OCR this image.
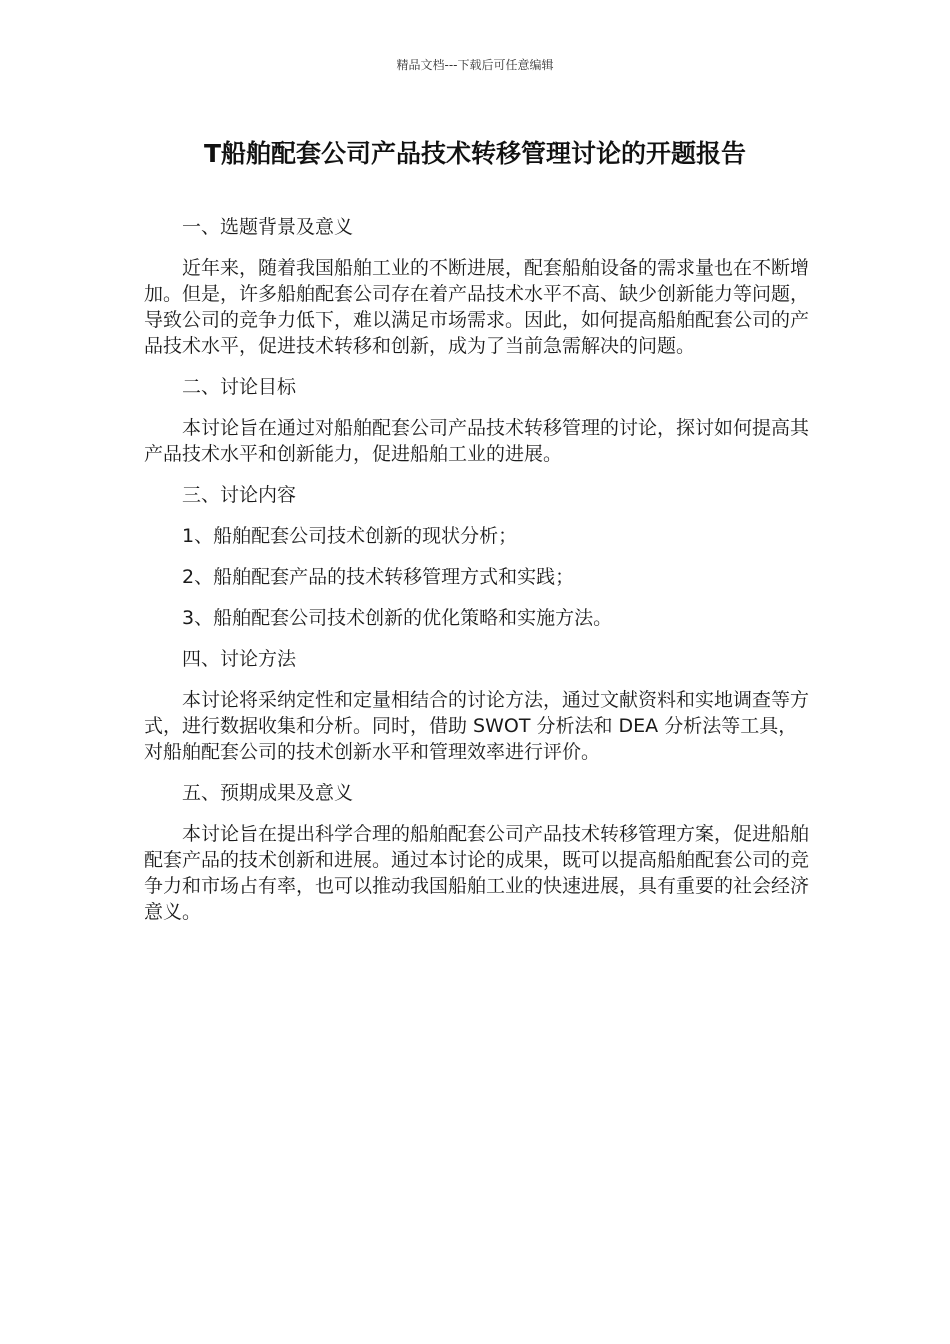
精品文档---下载后可任意编辑
T船舶配套公司产品技术转移管理讨论的开题报告

一、选题背景及意义

近年来，随着我国船舶工业的不断进展，配套船舶设备的需求量也在不断增加。但是，许多船舶配套公司存在着产品技术水平不高、缺少创新能力等问题，导致公司的竞争力低下，难以满足市场需求。因此，如何提高船舶配套公司的产品技术水平，促进技术转移和创新，成为了当前急需解决的问题。

二、讨论目标

本讨论旨在通过对船舶配套公司产品技术转移管理的讨论，探讨如何提高其产品技术水平和创新能力，促进船舶工业的进展。

三、讨论内容

1、船舶配套公司技术创新的现状分析；

2、船舶配套产品的技术转移管理方式和实践；

3、船舶配套公司技术创新的优化策略和实施方法。

四、讨论方法

本讨论将采纳定性和定量相结合的讨论方法，通过文献资料和实地调查等方式，进行数据收集和分析。同时，借助 SWOT 分析法和 DEA 分析法等工具，对船舶配套公司的技术创新水平和管理效率进行评价。

五、预期成果及意义

本讨论旨在提出科学合理的船舶配套公司产品技术转移管理方案，促进船舶配套产品的技术创新和进展。通过本讨论的成果，既可以提高船舶配套公司的竞争力和市场占有率，也可以推动我国船舶工业的快速进展，具有重要的社会经济意义。
